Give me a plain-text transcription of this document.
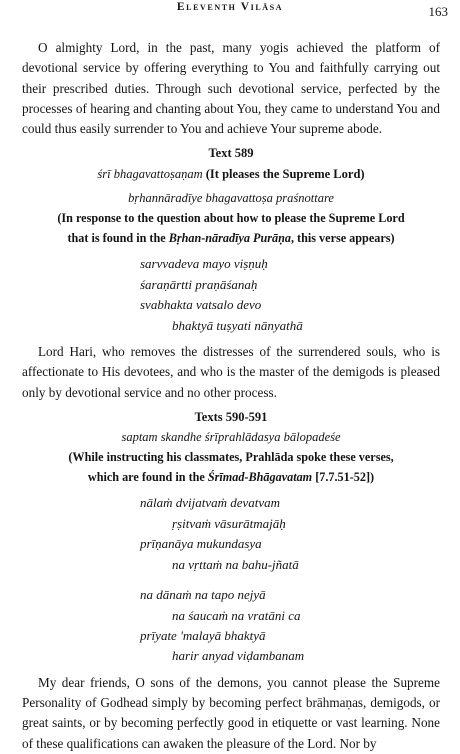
Eleventh Vilāsa	163

O almighty Lord, in the past, many yogis achieved the platform of devotional service by offering everything to You and faithfully carrying out their prescribed duties. Through such devotional service, perfected by the processes of hearing and chanting about You, they came to understand You and could thus easily surrender to You and achieve Your supreme abode.

Text 589
śrī bhagavattoṣaṇam (It pleases the Supreme Lord)
bṛhannāradīye bhagavattoṣa praśnottare
(In response to the question about how to please the Supreme Lord
that is found in the Bṛhan-nāradīya Purāṇa, this verse appears)
sarvvadeva mayo viṣṇuḥ
śaraṇārtti praṇāśanaḥ
svabhakta vatsalo devo
bhaktyā tuṣyati nānyathā

Lord Hari, who removes the distresses of the surrendered souls, who is affectionate to His devotees, and who is the master of the demigods is pleased only by devotional service and no other process.

Texts 590-591
saptam skandhe śrīprahlādasya bālopadeśe
(While instructing his classmates, Prahlāda spoke these verses,
which are found in the Śrīmad-Bhāgavatam [7.7.51-52])
nālaṁ dvijatvaṁ devatvam
ṛṣitvaṁ vāsurātmajāḥ
prīṇanāya mukundasya
na vṛttaṁ na bahu-jñatā
na dānaṁ na tapo nejyā
na śaucaṁ na vratāni ca
prīyate 'malayā bhaktyā
harir anyad viḍambanam

My dear friends, O sons of the demons, you cannot please the Supreme Personality of Godhead simply by becoming perfect brāhmaṇas, demigods, or great saints, or by becoming perfectly good in etiquette or vast learning. None of these qualifications can awaken the pleasure of the Lord. Nor by
